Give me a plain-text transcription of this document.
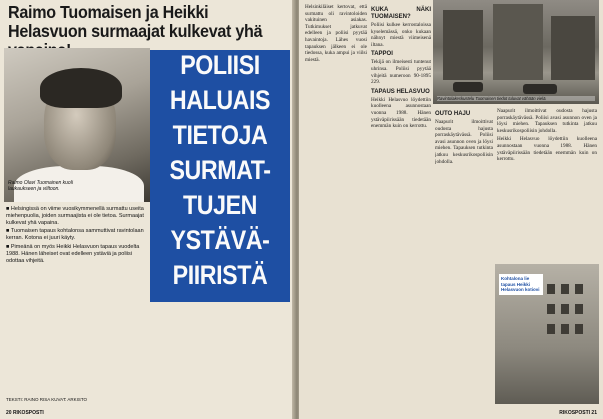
Raimo Tuomaisen ja Heikki Helasvuon surmaajat kulkevat yhä
Raimo Olavi Tuomainen kuoli laukaukseen ja viiltoon.
POLIISI
HALUAIS
TIETOJA
SURMAT-
TUJEN
YSTÄVÄ-
PIIRISTÄ

■ Helsingissä on viime vuosikymmenellä surmattu useita miehenpuolia, joiden surmaajista ei ole tietoa. Surmaajat kulkevat yhä vapaina.

■ Tuomaisen tapaus kohtalonsa sammuttivat ravintolaan kerran. Kotona ei juuri käyty.

■ Pimeänä on myös Heikki Helasvuon tapaus vuodelta 1988. Hänen läheiset ovat edelleen ystäviä ja poliisi odottaa vihjeitä.

TEKSTI: RAINO RISA KUVAT: ARKISTO
20 RIKOSPOSTI

Helsinkiläiset kertovat, että surmattu oli ravintoloiden vakituinen asiakas. Tutkimukset jatkuvat edelleen ja poliisi pyytää havaintoja. Lähes vuosi tapauksen jälkeen ei ole tiedossa, kuka ampui ja viilsi miestä.

KUKA NÄKI TUOMAISEN?

Poliisi kulkee kerrostaloissa kyselemässä, onko kukaan nähnyt miestä viimeisenä iltana.

TAPPOI

Tekijä on ilmeisesti tuntenut uhrinsa. Poliisi pyytää vihjeitä numeroon 90-1895 229.

TAPAUS HELASVUO

Heikki Helasvuo löydettiin kuolleena asunnostaan vuonna 1988. Hänen ystäväpiirissään tiedetään enemmän kuin on kerrottu.

Ravintolakeskustelu Tuomaisen tiedot tuluvat vähään vielä.
OUTO HAJU

Naapurit ilmoittivat oudosta hajusta porraskäytävässä. Poliisi avasi asunnon oven ja löysi miehen. Tapauksen tutkinta jatkuu keskusrikospoliisin johdolla.

Naapurit ilmoittivat oudosta hajusta porraskäytävässä. Poliisi avasi asunnon oven ja löysi miehen. Tapauksen tutkinta jatkuu keskusrikospoliisin johdolla.

Heikki Helasvuo löydettiin kuolleena asunnostaan vuonna 1988. Hänen ystäväpiirissään tiedetään enemmän kuin on kerrottu.

Kohtalona lie tapaus Heikki Helasvuon kotiovi
RIKOSPOSTI 21
